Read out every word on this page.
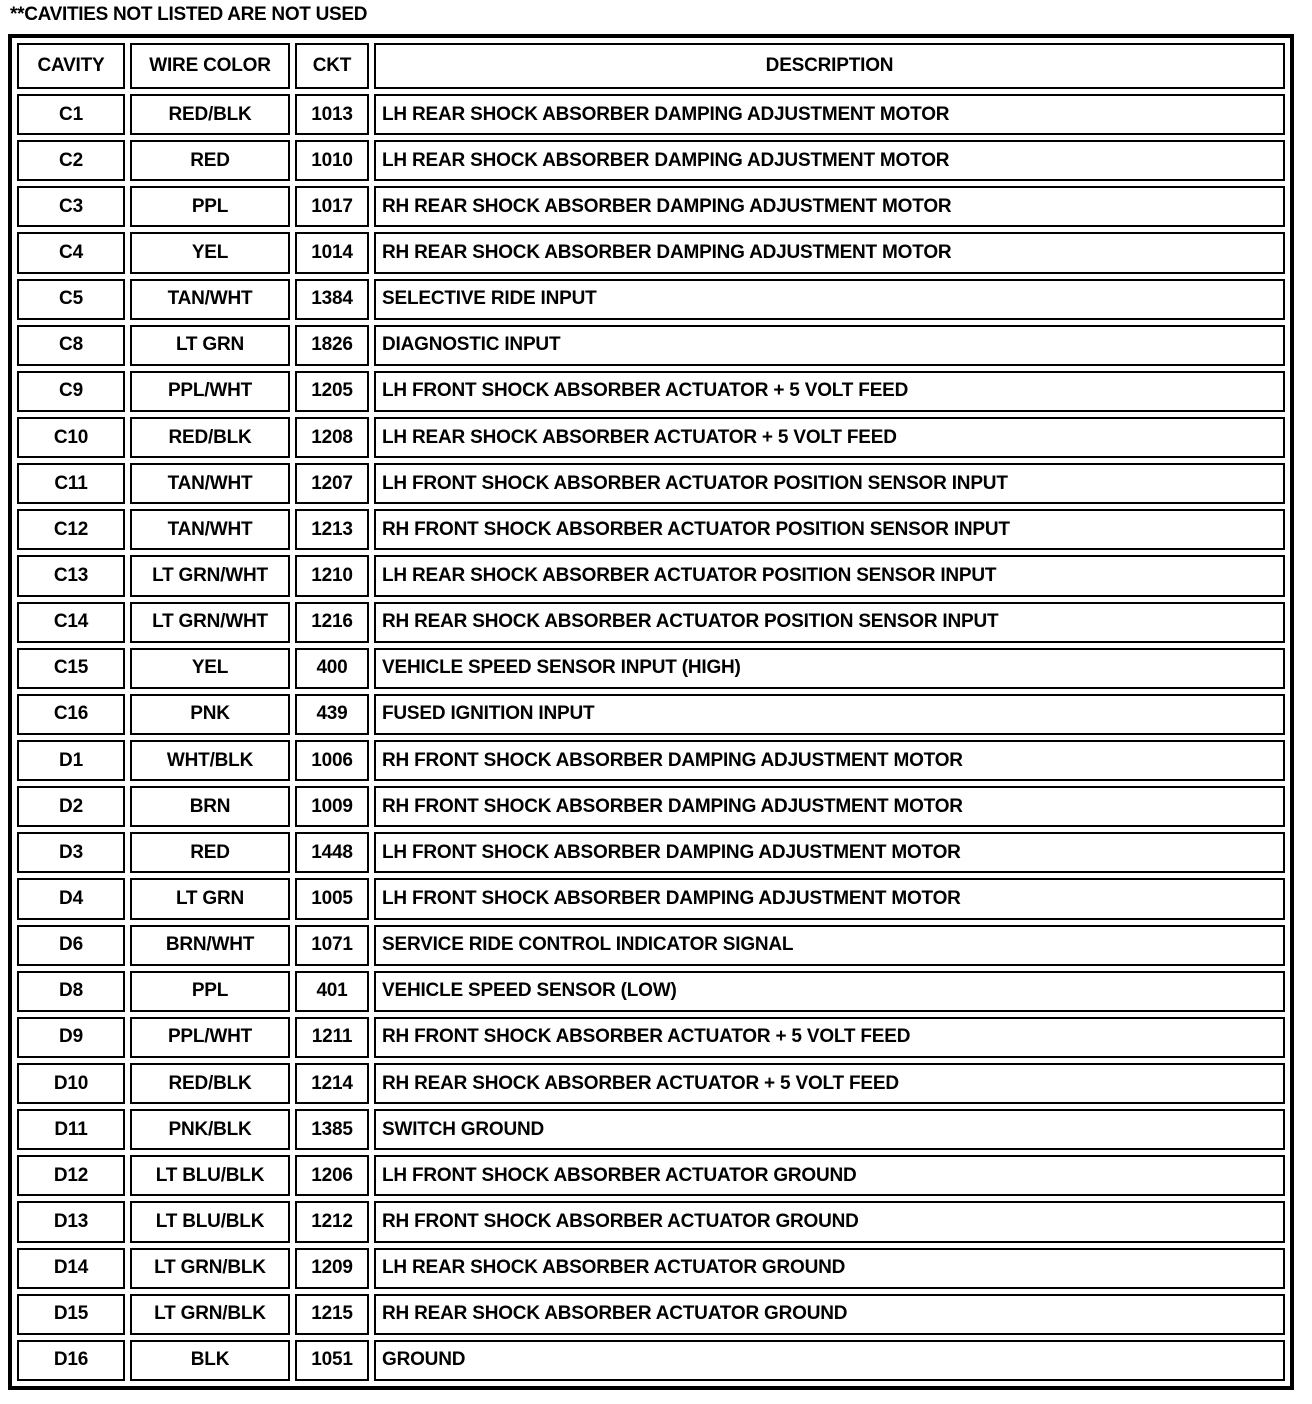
**CAVITIES NOT LISTED ARE NOT USED
CAVITY	WIRE COLOR	CKT	DESCRIPTION
C1	RED/BLK	1013	LH REAR SHOCK ABSORBER DAMPING ADJUSTMENT MOTOR
C2	RED	1010	LH REAR SHOCK ABSORBER DAMPING ADJUSTMENT MOTOR
C3	PPL	1017	RH REAR SHOCK ABSORBER DAMPING ADJUSTMENT MOTOR
C4	YEL	1014	RH REAR SHOCK ABSORBER DAMPING ADJUSTMENT MOTOR
C5	TAN/WHT	1384	SELECTIVE RIDE INPUT
C8	LT GRN	1826	DIAGNOSTIC INPUT
C9	PPL/WHT	1205	LH FRONT SHOCK ABSORBER ACTUATOR + 5 VOLT FEED
C10	RED/BLK	1208	LH REAR SHOCK ABSORBER ACTUATOR + 5 VOLT FEED
C11	TAN/WHT	1207	LH FRONT SHOCK ABSORBER ACTUATOR POSITION SENSOR INPUT
C12	TAN/WHT	1213	RH FRONT SHOCK ABSORBER ACTUATOR POSITION SENSOR INPUT
C13	LT GRN/WHT	1210	LH REAR SHOCK ABSORBER ACTUATOR POSITION SENSOR INPUT
C14	LT GRN/WHT	1216	RH REAR SHOCK ABSORBER ACTUATOR POSITION SENSOR INPUT
C15	YEL	400	VEHICLE SPEED SENSOR INPUT (HIGH)
C16	PNK	439	FUSED IGNITION INPUT
D1	WHT/BLK	1006	RH FRONT SHOCK ABSORBER DAMPING ADJUSTMENT MOTOR
D2	BRN	1009	RH FRONT SHOCK ABSORBER DAMPING ADJUSTMENT MOTOR
D3	RED	1448	LH FRONT SHOCK ABSORBER DAMPING ADJUSTMENT MOTOR
D4	LT GRN	1005	LH FRONT SHOCK ABSORBER DAMPING ADJUSTMENT MOTOR
D6	BRN/WHT	1071	SERVICE RIDE CONTROL INDICATOR SIGNAL
D8	PPL	401	VEHICLE SPEED SENSOR (LOW)
D9	PPL/WHT	1211	RH FRONT SHOCK ABSORBER ACTUATOR + 5 VOLT FEED
D10	RED/BLK	1214	RH REAR SHOCK ABSORBER ACTUATOR + 5 VOLT FEED
D11	PNK/BLK	1385	SWITCH GROUND
D12	LT BLU/BLK	1206	LH FRONT SHOCK ABSORBER ACTUATOR GROUND
D13	LT BLU/BLK	1212	RH FRONT SHOCK ABSORBER ACTUATOR GROUND
D14	LT GRN/BLK	1209	LH REAR SHOCK ABSORBER ACTUATOR GROUND
D15	LT GRN/BLK	1215	RH REAR SHOCK ABSORBER ACTUATOR GROUND
D16	BLK	1051	GROUND
